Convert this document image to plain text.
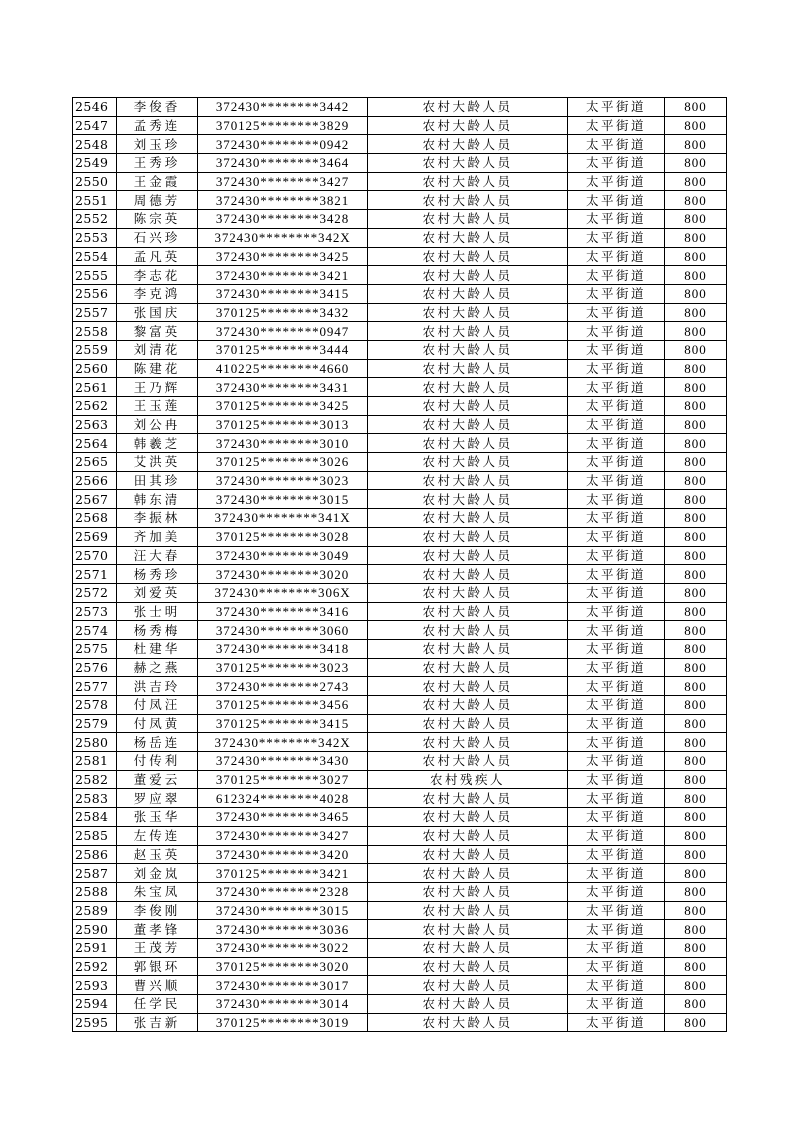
2546	李俊香	372430********3442	农村大龄人员	太平街道	800
2547	孟秀连	370125********3829	农村大龄人员	太平街道	800
2548	刘玉珍	372430********0942	农村大龄人员	太平街道	800
2549	王秀珍	372430********3464	农村大龄人员	太平街道	800
2550	王金霞	372430********3427	农村大龄人员	太平街道	800
2551	周德芳	372430********3821	农村大龄人员	太平街道	800
2552	陈宗英	372430********3428	农村大龄人员	太平街道	800
2553	石兴珍	372430********342X	农村大龄人员	太平街道	800
2554	孟凡英	372430********3425	农村大龄人员	太平街道	800
2555	李志花	372430********3421	农村大龄人员	太平街道	800
2556	李克鸿	372430********3415	农村大龄人员	太平街道	800
2557	张国庆	370125********3432	农村大龄人员	太平街道	800
2558	黎富英	372430********0947	农村大龄人员	太平街道	800
2559	刘清花	370125********3444	农村大龄人员	太平街道	800
2560	陈建花	410225********4660	农村大龄人员	太平街道	800
2561	王乃辉	372430********3431	农村大龄人员	太平街道	800
2562	王玉莲	370125********3425	农村大龄人员	太平街道	800
2563	刘公冉	370125********3013	农村大龄人员	太平街道	800
2564	韩羲芝	372430********3010	农村大龄人员	太平街道	800
2565	艾洪英	370125********3026	农村大龄人员	太平街道	800
2566	田其珍	372430********3023	农村大龄人员	太平街道	800
2567	韩东清	372430********3015	农村大龄人员	太平街道	800
2568	李振林	372430********341X	农村大龄人员	太平街道	800
2569	齐加美	370125********3028	农村大龄人员	太平街道	800
2570	汪大春	372430********3049	农村大龄人员	太平街道	800
2571	杨秀珍	372430********3020	农村大龄人员	太平街道	800
2572	刘爱英	372430********306X	农村大龄人员	太平街道	800
2573	张士明	372430********3416	农村大龄人员	太平街道	800
2574	杨秀梅	372430********3060	农村大龄人员	太平街道	800
2575	杜建华	372430********3418	农村大龄人员	太平街道	800
2576	赫之燕	370125********3023	农村大龄人员	太平街道	800
2577	洪吉玲	372430********2743	农村大龄人员	太平街道	800
2578	付凤汪	370125********3456	农村大龄人员	太平街道	800
2579	付凤黄	370125********3415	农村大龄人员	太平街道	800
2580	杨岳连	372430********342X	农村大龄人员	太平街道	800
2581	付传利	372430********3430	农村大龄人员	太平街道	800
2582	董爱云	370125********3027	农村残疾人	太平街道	800
2583	罗应翠	612324********4028	农村大龄人员	太平街道	800
2584	张玉华	372430********3465	农村大龄人员	太平街道	800
2585	左传连	372430********3427	农村大龄人员	太平街道	800
2586	赵玉英	372430********3420	农村大龄人员	太平街道	800
2587	刘金岚	370125********3421	农村大龄人员	太平街道	800
2588	朱宝凤	372430********2328	农村大龄人员	太平街道	800
2589	李俊刚	372430********3015	农村大龄人员	太平街道	800
2590	董孝锋	372430********3036	农村大龄人员	太平街道	800
2591	王茂芳	372430********3022	农村大龄人员	太平街道	800
2592	郭银环	370125********3020	农村大龄人员	太平街道	800
2593	曹兴顺	372430********3017	农村大龄人员	太平街道	800
2594	任学民	372430********3014	农村大龄人员	太平街道	800
2595	张吉新	370125********3019	农村大龄人员	太平街道	800
